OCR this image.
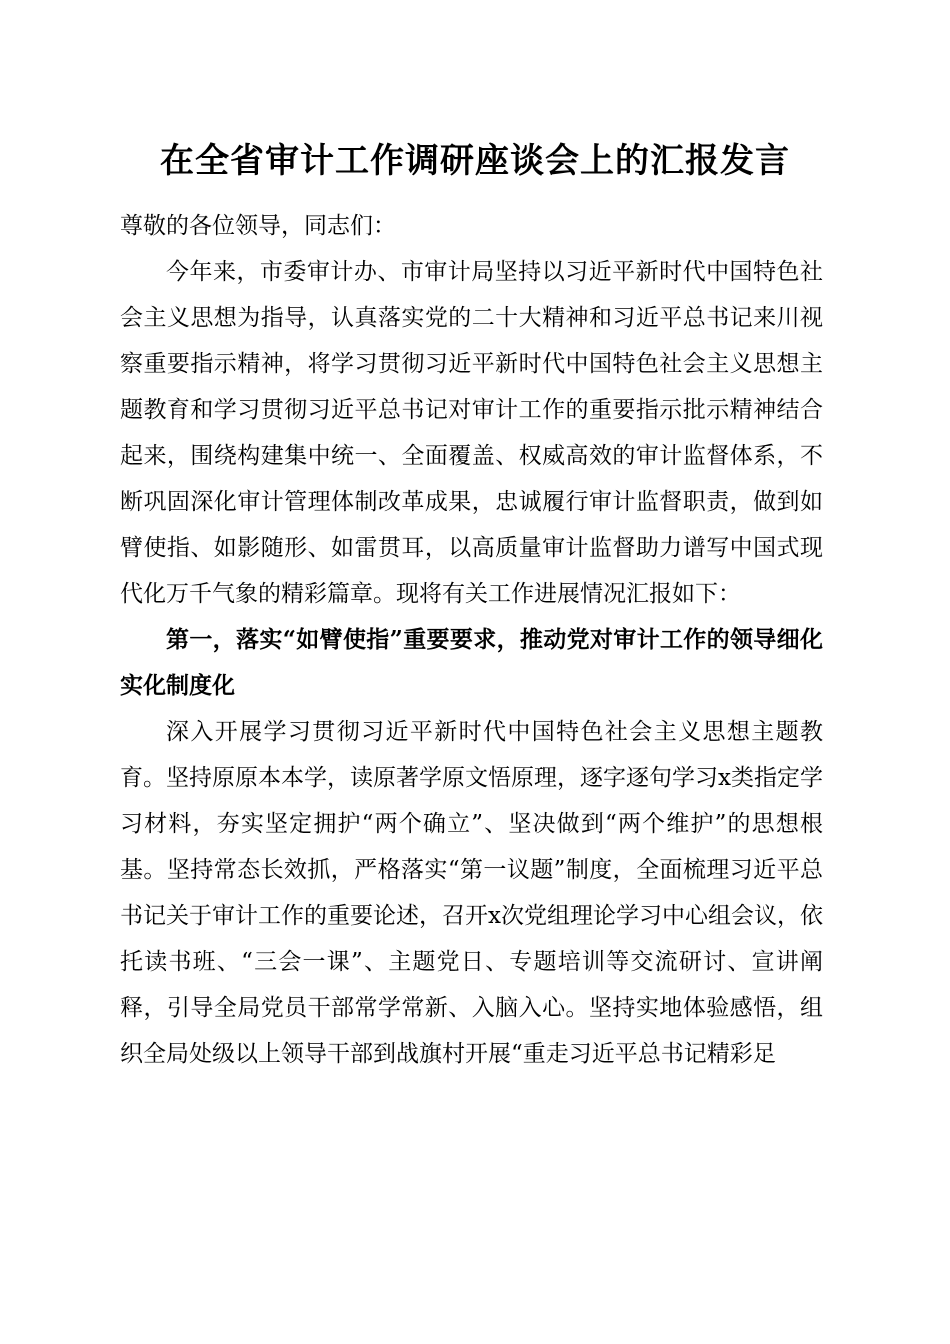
在全省审计工作调研座谈会上的汇报发言

尊敬的各位领导，同志们：

今年来，市委审计办、市审计局坚持以习近平新时代中国特色社会主义思想为指导，认真落实党的二十大精神和习近平总书记来川视察重要指示精神，将学习贯彻习近平新时代中国特色社会主义思想主题教育和学习贯彻习近平总书记对审计工作的重要指示批示精神结合起来，围绕构建集中统一、全面覆盖、权威高效的审计监督体系，不断巩固深化审计管理体制改革成果，忠诚履行审计监督职责，做到如臂使指、如影随形、如雷贯耳，以高质量审计监督助力谱写中国式现代化万千气象的精彩篇章。现将有关工作进展情况汇报如下：

第一，落实“如臂使指”重要要求，推动党对审计工作的领导细化实化制度化

深入开展学习贯彻习近平新时代中国特色社会主义思想主题教育。坚持原原本本学，读原著学原文悟原理，逐字逐句学习x类指定学习材料，夯实坚定拥护“两个确立”、坚决做到“两个维护”的思想根基。坚持常态长效抓，严格落实“第一议题”制度，全面梳理习近平总书记关于审计工作的重要论述，召开x次党组理论学习中心组会议，依托读书班、“三会一课”、主题党日、专题培训等交流研讨、宣讲阐释，引导全局党员干部常学常新、入脑入心。坚持实地体验感悟，组织全局处级以上领导干部到战旗村开展“重走习近平总书记精彩足
